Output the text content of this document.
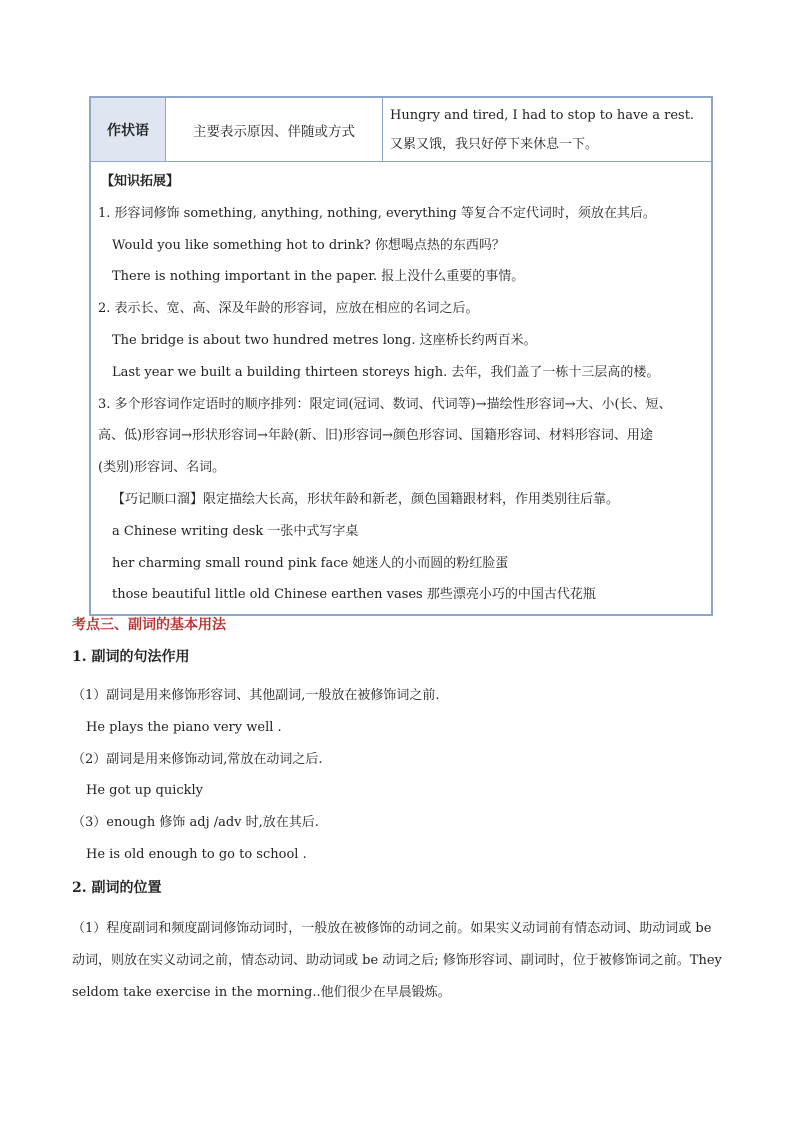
作状语	主要表示原因、伴随或方式
Hungry and tired, I had to stop to have a rest. 又累又饿，我只好停下来休息一下。
【知识拓展】
1. 形容词修饰 something, anything, nothing, everything 等复合不定代词时，须放在其后。
Would you like something hot to drink? 你想喝点热的东西吗？
There is nothing important in the paper. 报上没什么重要的事情。
2. 表示长、宽、高、深及年龄的形容词，应放在相应的名词之后。
The bridge is about two hundred metres long. 这座桥长约两百米。
Last year we built a building thirteen storeys high. 去年，我们盖了一栋十三层高的楼。
3. 多个形容词作定语时的顺序排列：限定词(冠词、数词、代词等)→描绘性形容词→大、小(长、短、
高、低)形容词→形状形容词→年龄(新、旧)形容词→颜色形容词、国籍形容词、材料形容词、用途
(类别)形容词、名词。
【巧记顺口溜】限定描绘大长高，形状年龄和新老，颜色国籍跟材料，作用类别往后靠。
a Chinese writing desk 一张中式写字桌
her charming small round pink face 她迷人的小而圆的粉红脸蛋
those beautiful little old Chinese earthen vases 那些漂亮小巧的中国古代花瓶
考点三、副词的基本用法
1. 副词的句法作用
（1）副词是用来修饰形容词、其他副词,一般放在被修饰词之前.
He plays the piano very well .
（2）副词是用来修饰动词,常放在动词之后.
He got up quickly
（3）enough 修饰 adj /adv 时,放在其后.
He is old enough to go to school .
2. 副词的位置
（1）程度副词和频度副词修饰动词时，一般放在被修饰的动词之前。如果实义动词前有情态动词、助动词或 be 动词，则放在实义动词之前，情态动词、助动词或 be 动词之后; 修饰形容词、副词时，位于被修饰词之前。They seldom take exercise in the morning..他们很少在早晨锻炼。
